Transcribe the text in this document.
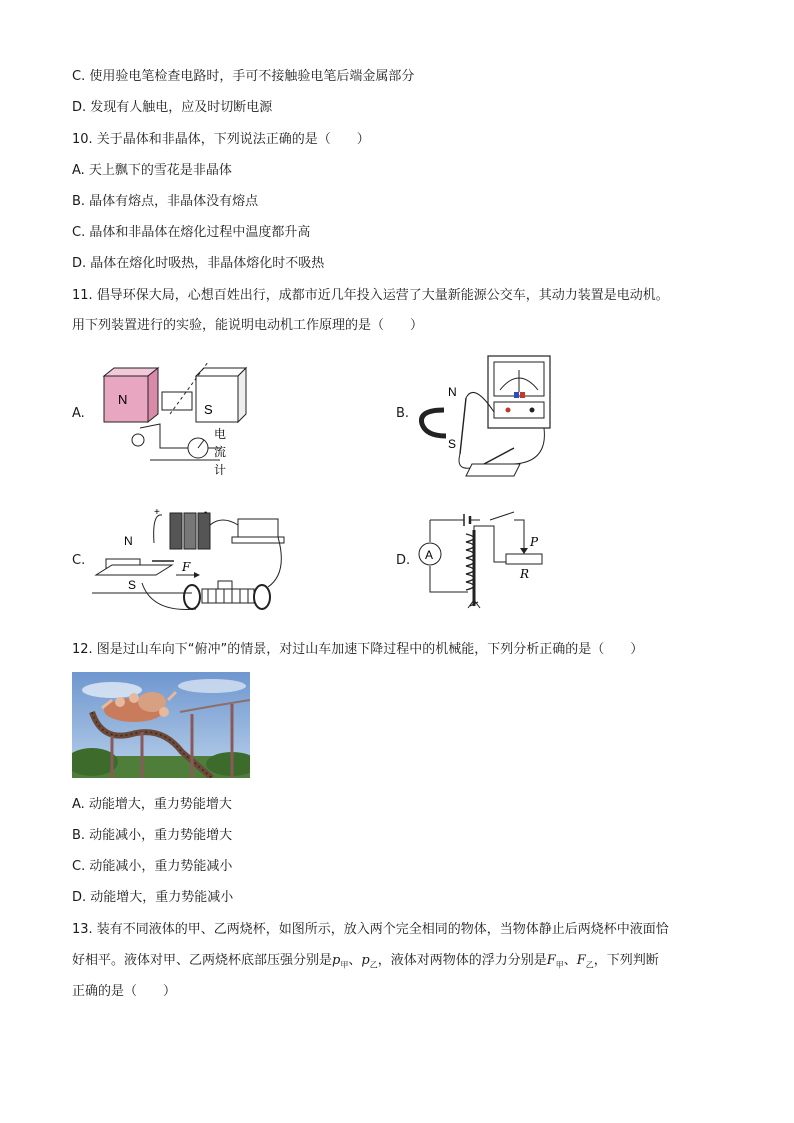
C. 使用验电笔检查电路时，手可不接触验电笔后端金属部分
D. 发现有人触电，应及时切断电源
10. 关于晶体和非晶体，下列说法正确的是（　　）
A. 天上飘下的雪花是非晶体
B. 晶体有熔点，非晶体没有熔点
C. 晶体和非晶体在熔化过程中温度都升高
D. 晶体在熔化时吸热，非晶体熔化时不吸热
11. 倡导环保大局，心想百姓出行，成都市近几年投入运营了大量新能源公交车，其动力装置是电动机。
用下列装置进行的实验，能说明电动机工作原理的是（　　）
A.
N
S
电
流
计
B.
N
S
C.
+
N
S
F	D. A
P
R
12. 图是过山车向下“俯冲”的情景，对过山车加速下降过程中的机械能，下列分析正确的是（　　）
A. 动能增大，重力势能增大
B. 动能减小，重力势能增大
C. 动能减小，重力势能减小
D. 动能增大，重力势能减小
13. 装有不同液体的甲、乙两烧杯，如图所示，放入两个完全相同的物体，当物体静止后两烧杯中液面恰
好相平。液体对甲、乙两烧杯底部压强分别是$p_甲$、$p_乙$，液体对两物体的浮力分别是$F_甲$、$F_乙$，下列判断
正确的是（　　）
